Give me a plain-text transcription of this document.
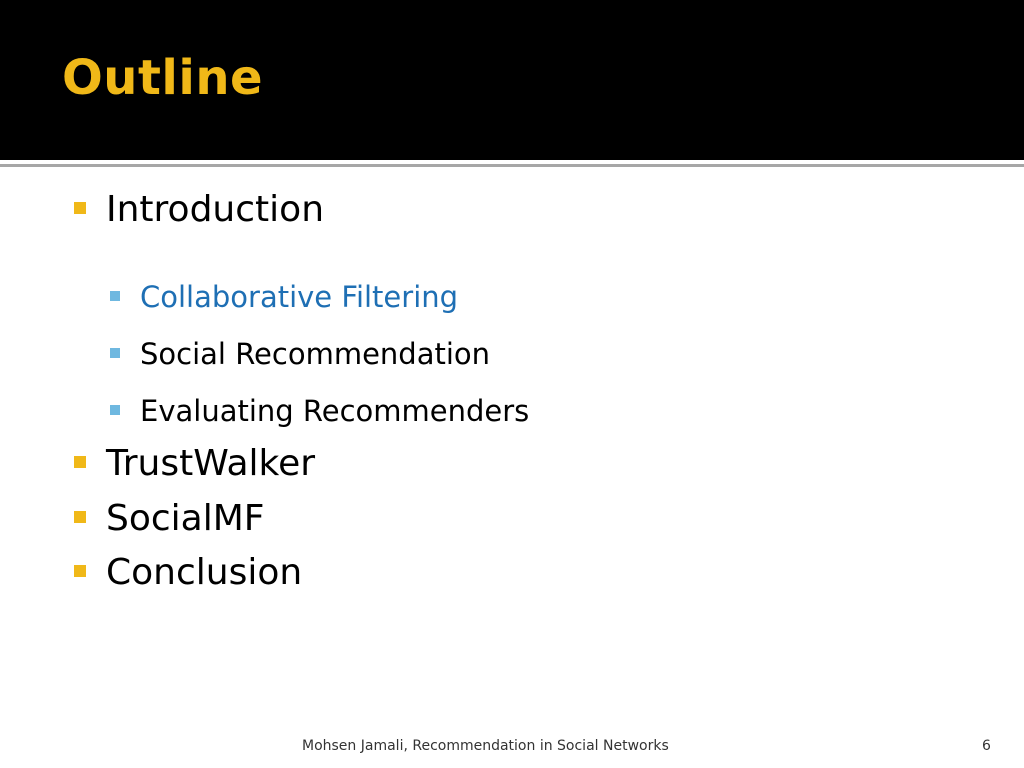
Outline
Introduction
Collaborative Filtering
Social Recommendation
Evaluating Recommenders
TrustWalker
SocialMF
Conclusion
Mohsen Jamali, Recommendation in Social Networks	6
